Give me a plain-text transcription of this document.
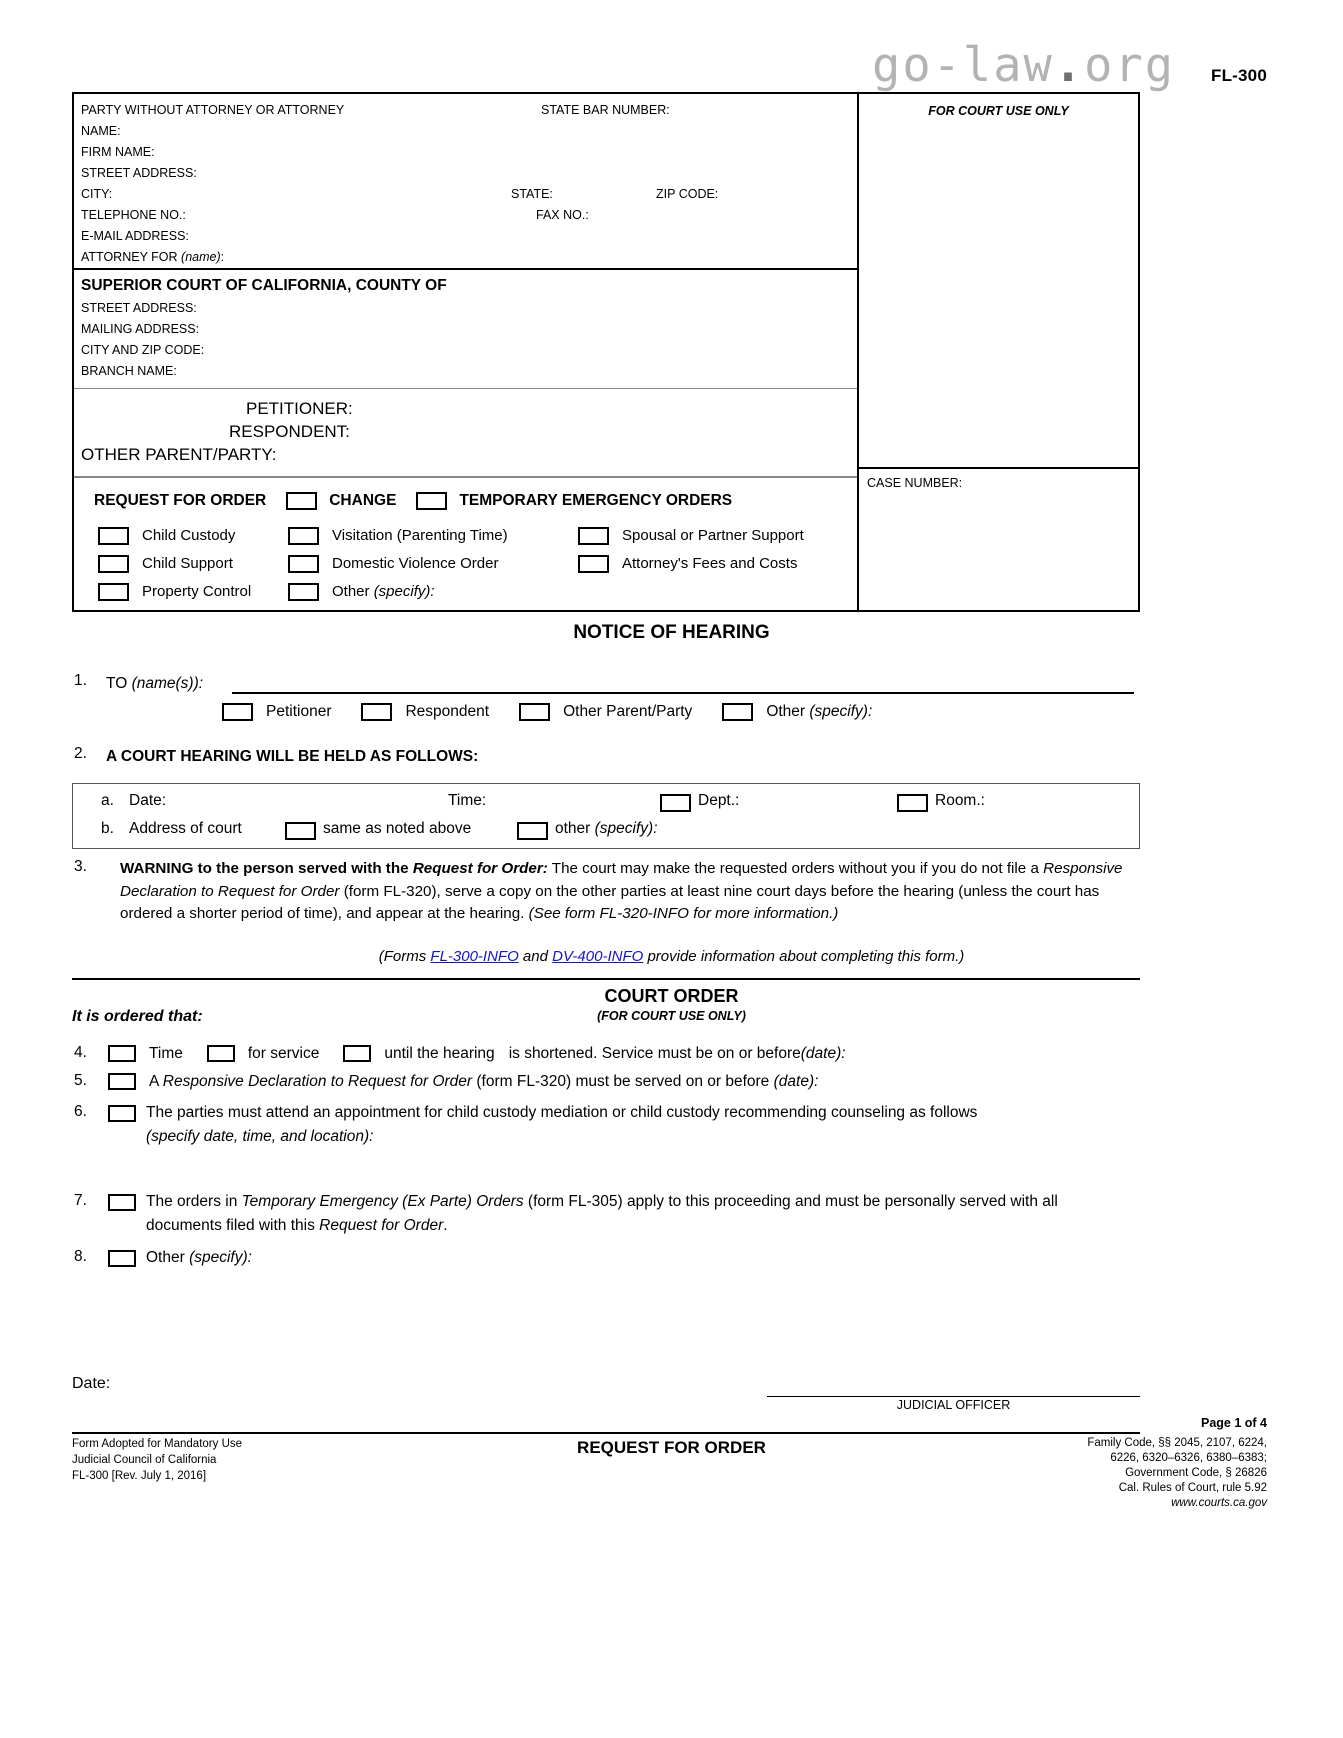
go-law.org FL-300
PARTY WITHOUT ATTORNEY OR ATTORNEY	STATE BAR NUMBER:
NAME:
FIRM NAME:
STREET ADDRESS:
CITY:	STATE:	ZIP CODE:
TELEPHONE NO.:	FAX NO.:
E-MAIL ADDRESS:
ATTORNEY FOR (name):
SUPERIOR COURT OF CALIFORNIA, COUNTY OF
STREET ADDRESS:
MAILING ADDRESS:
CITY AND ZIP CODE:
BRANCH NAME:
PETITIONER:
RESPONDENT:
OTHER PARENT/PARTY:
REQUEST FOR ORDER	CHANGE	TEMPORARY EMERGENCY ORDERS
Child Custody	Visitation (Parenting Time)	Spousal or Partner Support
Child Support	Domestic Violence Order	Attorney's Fees and Costs
Property Control	Other (specify):
FOR COURT USE ONLY
CASE NUMBER:
NOTICE OF HEARING
1. TO (name(s)):
Petitioner	Respondent	Other Parent/Party	Other (specify):
2. A COURT HEARING WILL BE HELD AS FOLLOWS:
a. Date:	Time:	Dept.:	Room.:
b. Address of court	same as noted above	other (specify):
3. WARNING to the person served with the Request for Order: The court may make the requested orders without you if you do not file a Responsive Declaration to Request for Order (form FL-320), serve a copy on the other parties at least nine court days before the hearing (unless the court has ordered a shorter period of time), and appear at the hearing. (See form FL-320-INFO for more information.)
(Forms FL-300-INFO and DV-400-INFO provide information about completing this form.)
COURT ORDER
(FOR COURT USE ONLY)
It is ordered that:
4.	Time	for service	until the hearing is shortened. Service must be on or before (date):
5.	A Responsive Declaration to Request for Order (form FL-320) must be served on or before (date):
6.	The parties must attend an appointment for child custody mediation or child custody recommending counseling as follows
(specify date, time, and location):
7.	The orders in Temporary Emergency (Ex Parte) Orders (form FL-305) apply to this proceeding and must be personally served with all documents filed with this Request for Order.
8.	Other (specify):
Date:
JUDICIAL OFFICER
Page 1 of 4
Form Adopted for Mandatory Use
Judicial Council of California
FL-300 [Rev. July 1, 2016]
REQUEST FOR ORDER	Family Code, §§ 2045, 2107, 6224,
6226, 6320–6326, 6380–6383;
Government Code, § 26826
Cal. Rules of Court, rule 5.92
www.courts.ca.gov
